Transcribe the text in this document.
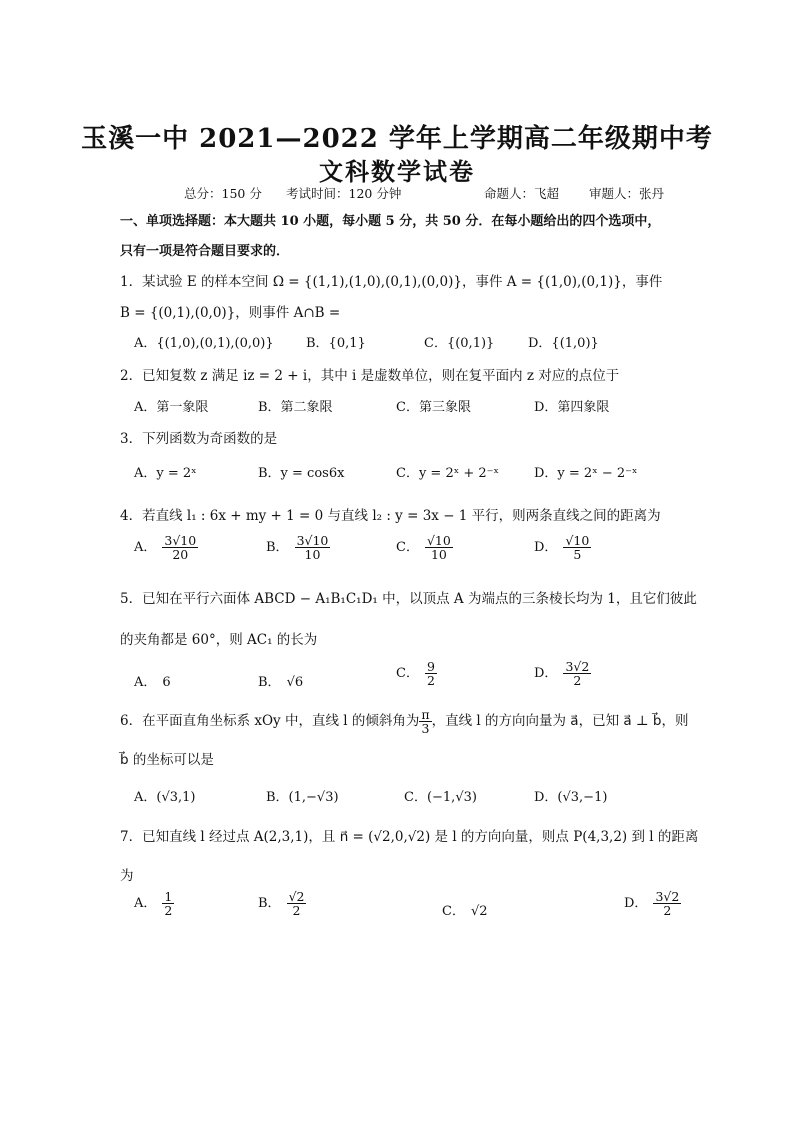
玉溪一中 2021—2022 学年上学期高二年级期中考
文科数学试卷
总分：150 分 考试时间：120 分钟	命题人：飞超 审题人：张丹
一、单项选择题：本大题共 10 小题，每小题 5 分，共 50 分．在每小题给出的四个选项中，
只有一项是符合题目要求的．
1．某试验 E 的样本空间 Ω = {(1,1),(1,0),(0,1),(0,0)}，事件 A = {(1,0),(0,1)}，事件
B = {(0,1),(0,0)}，则事件 A∩B =
A．{(1,0),(0,1),(0,0)} B．{0,1}	C．{(0,1)}	D．{(1,0)}
2．已知复数 z 满足 iz = 2 + i，其中 i 是虚数单位，则在复平面内 z 对应的点位于
A．第一象限	B．第二象限	C．第三象限	D．第四象限
3．下列函数为奇函数的是
A．y = 2ˣ	B．y = cos6x	C．y = 2ˣ + 2⁻ˣ	D．y = 2ˣ − 2⁻ˣ
4．若直线 l₁ : 6x + my + 1 = 0 与直线 l₂ : y = 3x − 1 平行，则两条直线之间的距离为
A． $\frac{3√10}{20}$	B． $\frac{3√10}{10}$	C． $\frac{√10}{10}$	D． $\frac{√10}{5}$
5．已知在平行六面体 ABCD − A₁B₁C₁D₁ 中，以顶点 A 为端点的三条棱长均为 1，且它们彼此
的夹角都是 60°，则 AC₁ 的长为
A． 6	B． √6
C． $\frac{9}{2}$	D． $\frac{3√2}{2}$
6．在平面直角坐标系 xOy 中，直线 l 的倾斜角为 $\frac{\pi}{3}$ ，直线 l 的方向向量为 a⃗，已知 a⃗ ⊥ b⃗，则
b⃗ 的坐标可以是
A．(√3,1)	B．(1,−√3)	C．(−1,√3)	D．(√3,−1)
7．已知直线 l 经过点 A(2,3,1)，且 n⃗ = (√2,0,√2) 是 l 的方向向量，则点 P(4,3,2) 到 l 的距离
为
A． $\frac{1}{2}$	B． $\frac{√2}{2}$	C． √2
D． $\frac{3√2}{2}$
